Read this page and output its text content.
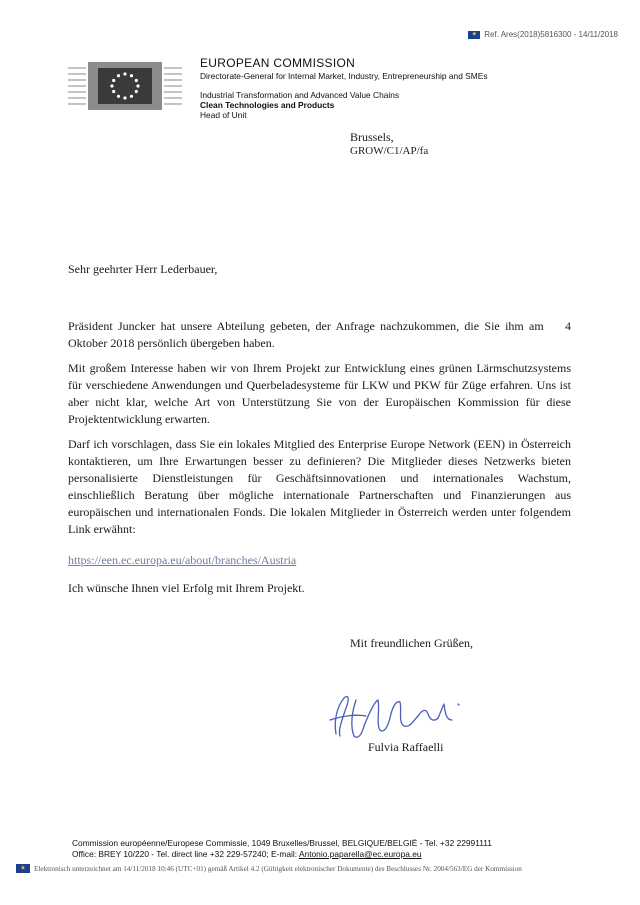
★
Ref. Ares(2018)5816300 - 14/11/2018
EUROPEAN COMMISSION
Directorate-General for Internal Market, Industry, Entrepreneurship and SMEs
Industrial Transformation and Advanced Value Chains
Clean Technologies and Products
Head of Unit
Brussels,
GROW/C1/AP/fa

Sehr geehrter Herr Lederbauer,

Präsident Juncker hat unsere Abteilung gebeten, der Anfrage nachzukommen, die Sie ihm am    4 Oktober 2018 persönlich übergeben haben.

Mit großem Interesse haben wir von Ihrem Projekt zur Entwicklung eines grünen Lärmschutzsystems für verschiedene Anwendungen und Querbeladesysteme für LKW und PKW für Züge erfahren. Uns ist aber nicht klar, welche Art von Unterstützung Sie von der Europäischen Kommission für diese Projektentwicklung erwarten.

Darf ich vorschlagen, dass Sie ein lokales Mitglied des Enterprise Europe Network (EEN) in Österreich kontaktieren, um Ihre Erwartungen besser zu definieren? Die Mitglieder dieses Netzwerks bieten personalisierte Dienstleistungen für Geschäftsinnovationen und internationales Wachstum, einschließlich Beratung über mögliche internationale Partnerschaften und Finanzierungen aus europäischen und internationalen Fonds. Die lokalen Mitglieder in Österreich werden unter folgendem Link erwähnt:

https://een.ec.europa.eu/about/branches/Austria

Ich wünsche Ihnen viel Erfolg mit Ihrem Projekt.

Mit freundlichen Grüßen,
Fulvia Raffaelli
Commission européenne/Europese Commissie, 1049 Bruxelles/Brussel, BELGIQUE/BELGIË - Tel. +32 22991111
Office: BREY 10/220 - Tel. direct line +32 229-57240; E-mail: Antonio.paparella@ec.europa.eu
★
Elektronisch unterzeichnet am 14/11/2018 10:46 (UTC+01) gemäß Artikel 4.2 (Gültigkeit elektronischer Dokumente) des Beschlusses Nr. 2004/563/EG der Kommission
